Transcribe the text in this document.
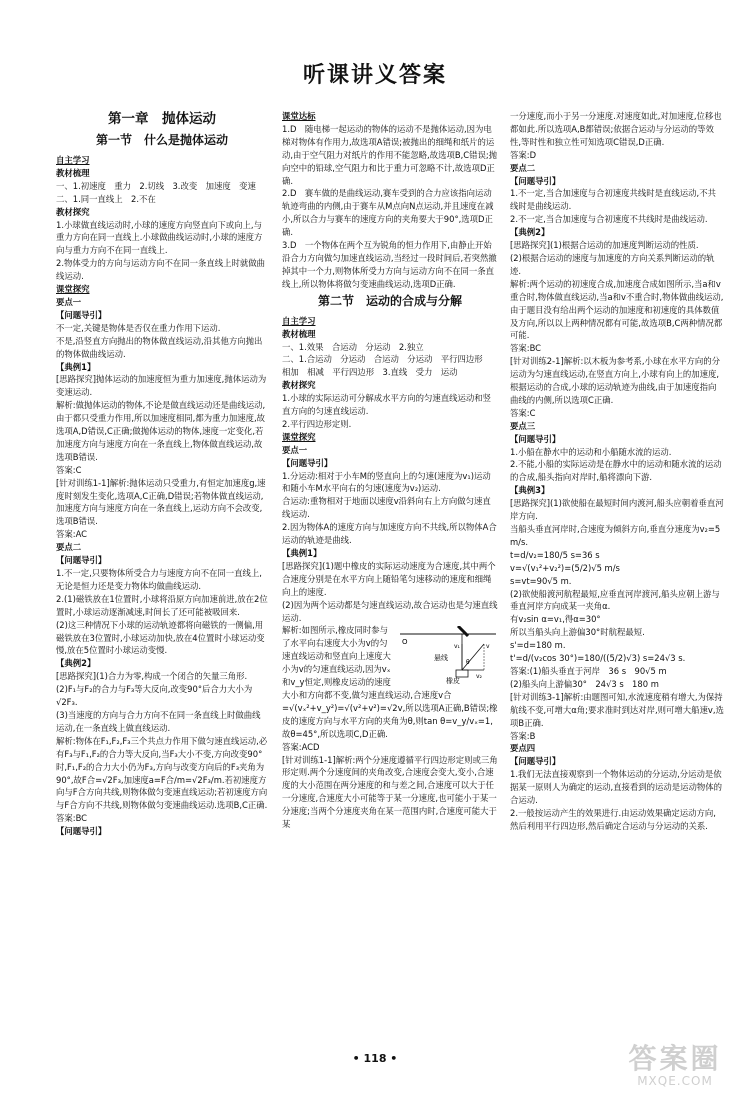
听课讲义答案
第一章　抛体运动
第一节　什么是抛体运动
自主学习
教材梳理
一、1.初速度　重力　2.切线　3.改变　加速度　变速
二、1.同一直线上　2.不在
教材探究
1.小球做直线运动时,小球的速度方向竖直向下或向上,与重力方向在同一直线上.小球做曲线运动时,小球的速度方向与重力方向不在同一直线上.
2.物体受力的方向与运动方向不在同一条直线上时就做曲线运动.
课堂探究
要点一
【问题导引】
不一定,关键是物体是否仅在重力作用下运动.
不是,沿竖直方向抛出的物体做直线运动,沿其他方向抛出的物体做曲线运动.
【典例1】
[思路探究]抛体运动的加速度恒为重力加速度,抛体运动为变速运动.
解析:做抛体运动的物体,不论是做直线运动还是曲线运动,由于都只受重力作用,所以加速度相同,都为重力加速度,故选项A,D错误,C正确;做抛体运动的物体,速度一定变化,若加速度方向与速度方向在一条直线上,物体做直线运动,故选项B错误.
答案:C
[针对训练1-1]解析:抛体运动只受重力,有恒定加速度g,速度时刻发生变化,选项A,C正确,D错误;若物体做直线运动,加速度方向与速度方向在一条直线上,运动方向不会改变,选项B错误.
答案:AC
要点二
【问题导引】
1.不一定,只要物体所受合力与速度方向不在同一直线上,无论是恒力还是变力物体均做曲线运动.
2.(1)磁铁放在1位置时,小球将沿原方向加速前进,放在2位置时,小球运动逐渐减速,时间长了还可能被吸回来.
(2)这三种情况下小球的运动轨迹都将向磁铁的一侧偏,用磁铁放在3位置时,小球运动加快,放在4位置时小球运动变慢,放在5位置时小球运动变慢.
【典例2】
[思路探究](1)合力为零,构成一个闭合的矢量三角形.
(2)F₁与F₂的合力与F₃等大反向,改变90°后合力大小为√2F₃.
(3)当速度的方向与合力方向不在同一条直线上时做曲线运动,在一条直线上做直线运动.
解析:物体在F₁,F₂,F₃三个共点力作用下做匀速直线运动,必有F₃与F₁,F₂的合力等大反向,当F₃大小不变,方向改变90°时,F₁,F₂的合力大小仍为F₃,方向与改变方向后的F₃夹角为90°,故F合=√2F₃,加速度a=F合/m=√2F₃/m.若初速度方向与F合方向共线,则物体做匀变速直线运动;若初速度方向与F合方向不共线,则物体做匀变速曲线运动.选项B,C正确.
答案:BC
【问题导引】
课堂达标
1.D　随电梯一起运动的物体的运动不是抛体运动,因为电梯对物体有作用力,故选项A错误;被抛出的细绳和纸片的运动,由于空气阻力对纸片的作用不能忽略,故选项B,C错误;抛向空中的铅球,空气阻力和比于重力可忽略不计,故选项D正确.
2.D　赛车做的是曲线运动,赛车受到的合力应该指向运动轨迹弯曲的内侧,由于赛车从M点向N点运动,并且速度在减小,所以合力与赛车的速度方向的夹角要大于90°,选项D正确.
3.D　一个物体在两个互为锐角的恒力作用下,由静止开始沿合力方向做匀加速直线运动,当经过一段时间后,若突然撤掉其中一个力,则物体所受力方向与运动方向不在同一条直线上,所以物体将做匀变速曲线运动,选项D正确.
第二节　运动的合成与分解
自主学习
教材梳理
一、1.效果　合运动　分运动　2.独立
二、1.合运动　分运动　合运动　分运动　平行四边形　相加　相减　平行四边形　3.直线　受力　运动
教材探究
1.小球的实际运动可分解成水平方向的匀速直线运动和竖直方向的匀速直线运动.
2.平行四边形定则.
课堂探究
要点一
【问题导引】
1.分运动:相对于小车M的竖直向上的匀速(速度为v₁)运动和随小车M水平向右的匀速(速度为v₂)运动.
合运动:重物相对于地面以速度v沿斜向右上方向做匀速直线运动.
2.因为物体A的速度方向与加速度方向不共线,所以物体A合运动的轨迹是曲线.
【典例1】
[思路探究](1)题中橡皮的实际运动速度为合速度,其中两个合速度分别是在水平方向上随铅笔匀速移动的速度和细绳向上的速度.
(2)因为两个运动都是匀速直线运动,故合运动也是匀速直线运动.
O
v₁	v
v₂
θ
悬线
橡皮
解析:如图所示,橡皮同时参与了水平向右速度大小为v的匀速直线运动和竖直向上速度大小为v的匀速直线运动,因为vₓ和v_y恒定,则橡皮运动的速度大小和方向都不变,做匀速直线运动,合速度v合=√(vₓ²+v_y²)=√(v²+v²)=√2v,所以选项A正确,B错误;橡皮的速度方向与水平方向的夹角为θ,则tan θ=v_y/vₓ=1,故θ=45°,所以选项C,D正确.
答案:ACD
[针对训练1-1]解析:两个分速度遵循平行四边形定则或三角形定则.两个分速度间的夹角改变,合速度会变大,变小,合速度的大小范围在两分速度的和与差之间,合速度可以大于任一分速度,合速度大小可能等于某一分速度,也可能小于某一分速度;当两个分速度夹角在某一范围内时,合速度可能大于某
一分速度,而小于另一分速度.对速度如此,对加速度,位移也都如此.所以选项A,B都错误;依据合运动与分运动的等效性,等时性和独立性可知选项C错误,D正确.
答案:D
要点二
【问题导引】
1.不一定,当合加速度与合初速度共线时是直线运动,不共线时是曲线运动.
2.不一定,当合加速度与合初速度不共线时是曲线运动.
【典例2】
[思路探究](1)根据合运动的加速度判断运动的性质.
(2)根据合运动的速度与加速度的方向关系判断运动的轨迹.
解析:两个运动的初速度合成,加速度合成如图所示,当a和v重合时,物体做直线运动,当a和v不重合时,物体做曲线运动,由于题目没有给出两个运动的加速度和初速度的具体数值及方向,所以以上两种情况都有可能,故选项B,C两种情况都可能.
答案:BC
[针对训练2-1]解析:以木板为参考系,小球在水平方向的分运动为匀速直线运动,在竖直方向上,小球有向上的加速度,根据运动的合成,小球的运动轨迹为曲线,由于加速度指向曲线的内侧,所以选项C正确.
答案:C
要点三
【问题导引】
1.小船在静水中的运动和小船随水流的运动.
2.不能,小船的实际运动是在静水中的运动和随水流的运动的合成,船头指向对岸时,船将漂向下游.
【典例3】
[思路探究](1)欲使船在最短时间内渡河,船头应朝着垂直河岸方向.
当船头垂直河岸时,合速度为倾斜方向,垂直分速度为v₂=5 m/s.
t=d/v₂=180/5 s=36 s
v=√(v₁²+v₂²)=(5/2)√5 m/s
s=vt=90√5 m.
(2)欲使船渡河航程最短,应垂直河岸渡河,船头应朝上游与垂直河岸方向成某一夹角α.
有v₂sin α=v₁,得α=30°
所以当船头向上游偏30°时航程最短.
s'=d=180 m.
t'=d/(v₂cos 30°)=180/((5/2)√3) s=24√3 s.
答案:(1)船头垂直于河岸　36 s　90√5 m
(2)船头向上游偏30°　24√3 s　180 m
[针对训练3-1]解析:由题图可知,水流速度稍有增大,为保持航线不变,可增大α角;要求准时到达对岸,则可增大船速v,选项B正确.
答案:B
要点四
【问题导引】
1.我们无法直接观察到一个物体运动的分运动,分运动是依据某一原则人为确定的运动,直接看到的运动是运动物体的合运动.
2.一般按运动产生的效果进行.由运动效果确定运动方向,然后利用平行四边形,然后确定合运动与分运动的关系.
• 118 •	答案圈
MXQE.COM
